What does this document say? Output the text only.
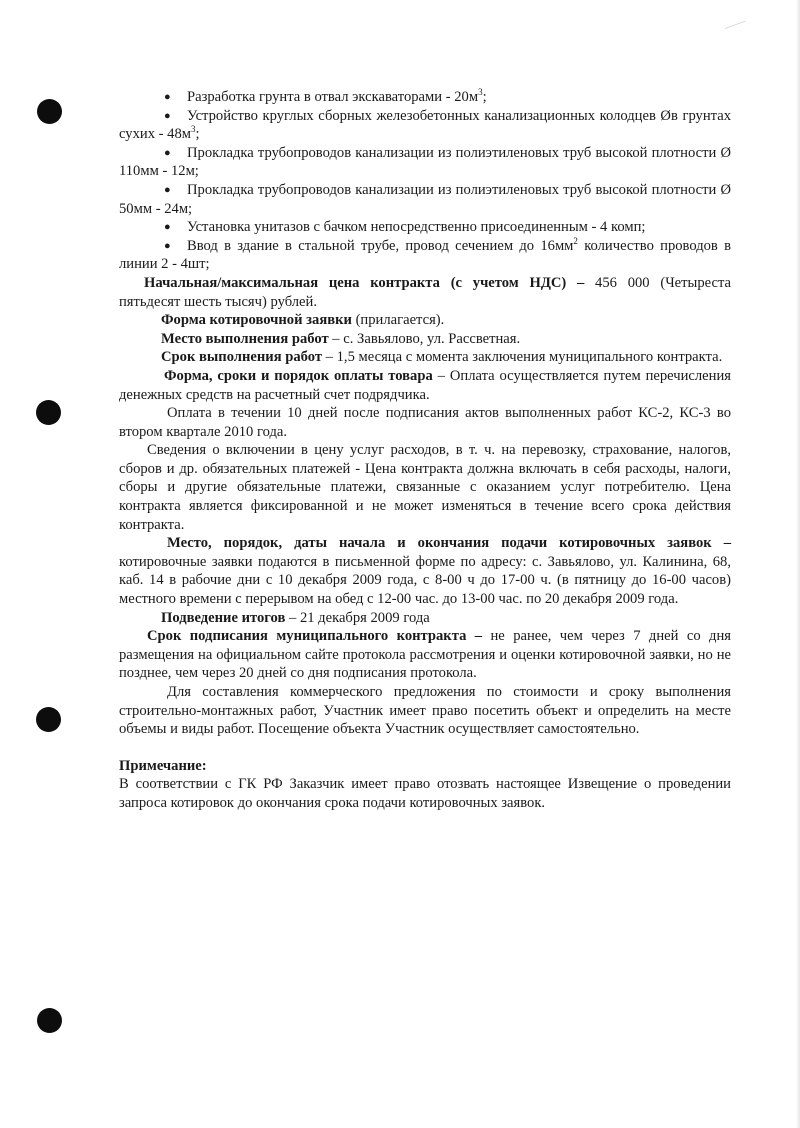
● Разработка грунта в отвал экскаваторами - $20м^3$;

● Устройство круглых сборных железобетонных канализационных колодцев Øв грунтах сухих - $48м^3$;

● Прокладка трубопроводов канализации из полиэтиленовых труб высокой плотности Ø 110мм - 12м;

● Прокладка трубопроводов канализации из полиэтиленовых труб высокой плотности Ø 50мм - 24м;

● Установка унитазов с бачком непосредственно присоединенным - 4 комп;

● Ввод в здание в стальной трубе, провод сечением до $16мм^2$ количество проводов в линии 2 - 4шт;

Начальная/максимальная цена контракта (с учетом НДС) – 456 000 (Четыреста пятьдесят шесть тысяч) рублей.

Форма котировочной заявки (прилагается).

Место выполнения работ – с. Завьялово, ул. Рассветная.

Срок выполнения работ – 1,5 месяца с момента заключения муниципального контракта.

Форма, сроки и порядок оплаты товара – Оплата осуществляется путем перечисления денежных средств на расчетный счет подрядчика.

Оплата в течении 10 дней после подписания актов выполненных работ КС-2, КС-3 во втором квартале 2010 года.

Сведения о включении в цену услуг расходов, в т. ч. на перевозку, страхование, налогов, сборов и др. обязательных платежей - Цена контракта должна включать в себя расходы, налоги, сборы и другие обязательные платежи, связанные с оказанием услуг потребителю. Цена контракта является фиксированной и не может изменяться в течение всего срока действия контракта.

Место, порядок, даты начала и окончания подачи котировочных заявок – котировочные заявки подаются в письменной форме по адресу: с. Завьялово, ул. Калинина, 68, каб. 14 в рабочие дни с 10 декабря 2009 года, с 8-00 ч до 17-00 ч. (в пятницу до 16-00 часов) местного времени с перерывом на обед с 12-00 час. до 13-00 час. по 20 декабря 2009 года.

Подведение итогов – 21 декабря 2009 года

Срок подписания муниципального контракта – не ранее, чем через 7 дней со дня размещения на официальном сайте протокола рассмотрения и оценки котировочной заявки, но не позднее, чем через 20 дней со дня подписания протокола.

Для составления коммерческого предложения по стоимости и сроку выполнения строительно-монтажных работ, Участник имеет право посетить объект и определить на месте объемы и виды работ. Посещение объекта Участник осуществляет самостоятельно.

Примечание:

В соответствии с ГК РФ Заказчик имеет право отозвать настоящее Извещение о проведении запроса котировок до окончания срока подачи котировочных заявок.
